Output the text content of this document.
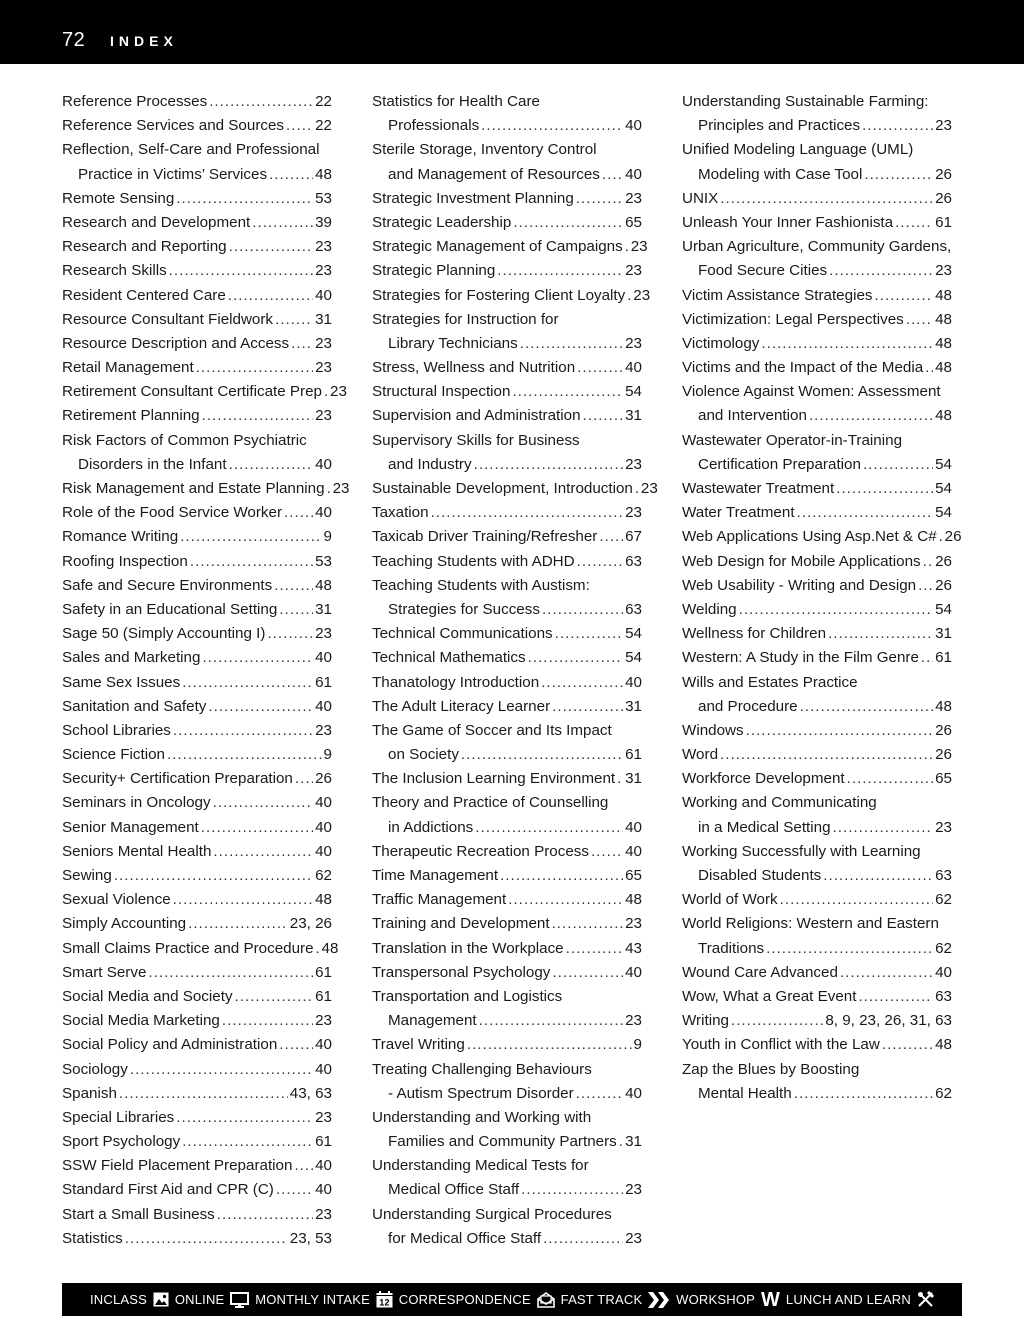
72 INDEX
Reference Processes .....	22
Reference Services and Sources ..... 22
Reflection, Self-Care and Professional
Practice in Victims’ Services .....	48
Remote Sensing .....	53
Research and Development .....	39
Research and Reporting .....	23
Research Skills .....	23
Resident Centered Care .....	40
Resource Consultant Fieldwork .....	31
Resource Description and Access ..... 23
Retail Management .....	23
Retirement Consultant Certificate Prep ..... 23
Retirement Planning .....	23
Risk Factors of Common Psychiatric
Disorders in the Infant .....	40
Risk Management and Estate Planning ..... 23
Role of the Food Service Worker ..... 40
Romance Writing .....	9
Roofing Inspection .....	53
Safe and Secure Environments .....	48
Safety in an Educational Setting ..... 31
Sage 50 (Simply Accounting I) .....	23
Sales and Marketing .....	40
Same Sex Issues .....	61
Sanitation and Safety .....	40
School Libraries .....	23
Science Fiction .....	9
Security+ Certification Preparation ..... 26
Seminars in Oncology .....	40
Senior Management .....	40
Seniors Mental Health .....	40
Sewing .....	62
Sexual Violence .....	48
Simply Accounting .....	23, 26
Small Claims Practice and Procedure ..... 48
Smart Serve .....	61
Social Media and Society .....	61
Social Media Marketing .....	23
Social Policy and Administration ..... 40
Sociology .....	40
Spanish .....	43, 63
Special Libraries .....	23
Sport Psychology .....	61
SSW Field Placement Preparation ..... 40
Standard First Aid and CPR (C) .....	40
Start a Small Business .....	23
Statistics .....	23, 53
Statistics for Health Care
Professionals .....	40
Sterile Storage, Inventory Control
and Management of Resources ..... 40
Strategic Investment Planning .....	23
Strategic Leadership .....	65
Strategic Management of Campaigns ..... 23
Strategic Planning .....	23
Strategies for Fostering Client Loyalty ..... 23
Strategies for Instruction for
Library Technicians .....	23
Stress, Wellness and Nutrition .....	40
Structural Inspection .....	54
Supervision and Administration .....	31
Supervisory Skills for Business
and Industry .....	23
Sustainable Development, Introduction ..... 23
Taxation .....	23
Taxicab Driver Training/Refresher ..... 67
Teaching Students with ADHD .....	63
Teaching Students with Austism:
Strategies for Success .....	63
Technical Communications .....	54
Technical Mathematics .....	54
Thanatology Introduction .....	40
The Adult Literacy Learner .....	31
The Game of Soccer and Its Impact
on Society .....	61
The Inclusion Learning Environment ..... 31
Theory and Practice of Counselling
in Addictions .....	40
Therapeutic Recreation Process ..... 40
Time Management .....	65
Traffic Management .....	48
Training and Development .....	23
Translation in the Workplace .....	43
Transpersonal Psychology .....	40
Transportation and Logistics
Management .....	23
Travel Writing .....	9
Treating Challenging Behaviours
- Autism Spectrum Disorder .....	40
Understanding and Working with
Families and Community Partners ..... 31
Understanding Medical Tests for
Medical Office Staff .....	23
Understanding Surgical Procedures
for Medical Office Staff .....	23
Understanding Sustainable Farming:
Principles and Practices .....	23
Unified Modeling Language (UML)
Modeling with Case Tool .....	26
UNIX .....	26
Unleash Your Inner Fashionista .....	61
Urban Agriculture, Community Gardens,
Food Secure Cities .....	23
Victim Assistance Strategies .....	48
Victimization: Legal Perspectives ..... 48
Victimology .....	48
Victims and the Impact of the Media ..... 48
Violence Against Women: Assessment
and Intervention .....	48
Wastewater Operator-in-Training
Certification Preparation .....	54
Wastewater Treatment .....	54
Water Treatment .....	54
Web Applications Using Asp.Net & C# ..... 26
Web Design for Mobile Applications ..... 26
Web Usability - Writing and Design ..... 26
Welding .....	54
Wellness for Children .....	31
Western: A Study in the Film Genre ..... 61
Wills and Estates Practice
and Procedure .....	48
Windows .....	26
Word .....	26
Workforce Development .....	65
Working and Communicating
in a Medical Setting .....	23
Working Successfully with Learning
Disabled Students .....	63
World of Work .....	62
World Religions: Western and Eastern
Traditions .....	62
Wound Care Advanced .....	40
Wow, What a Great Event .....	63
Writing .....	8, 9, 23, 26, 31, 63
Youth in Conflict with the Law .....	48
Zap the Blues by Boosting
Mental Health .....	62
INCLASS ONLINE MONTHLY INTAKE 12 CORRESPONDENCE FAST TRACK	WORKSHOP W LUNCH AND LEARN
